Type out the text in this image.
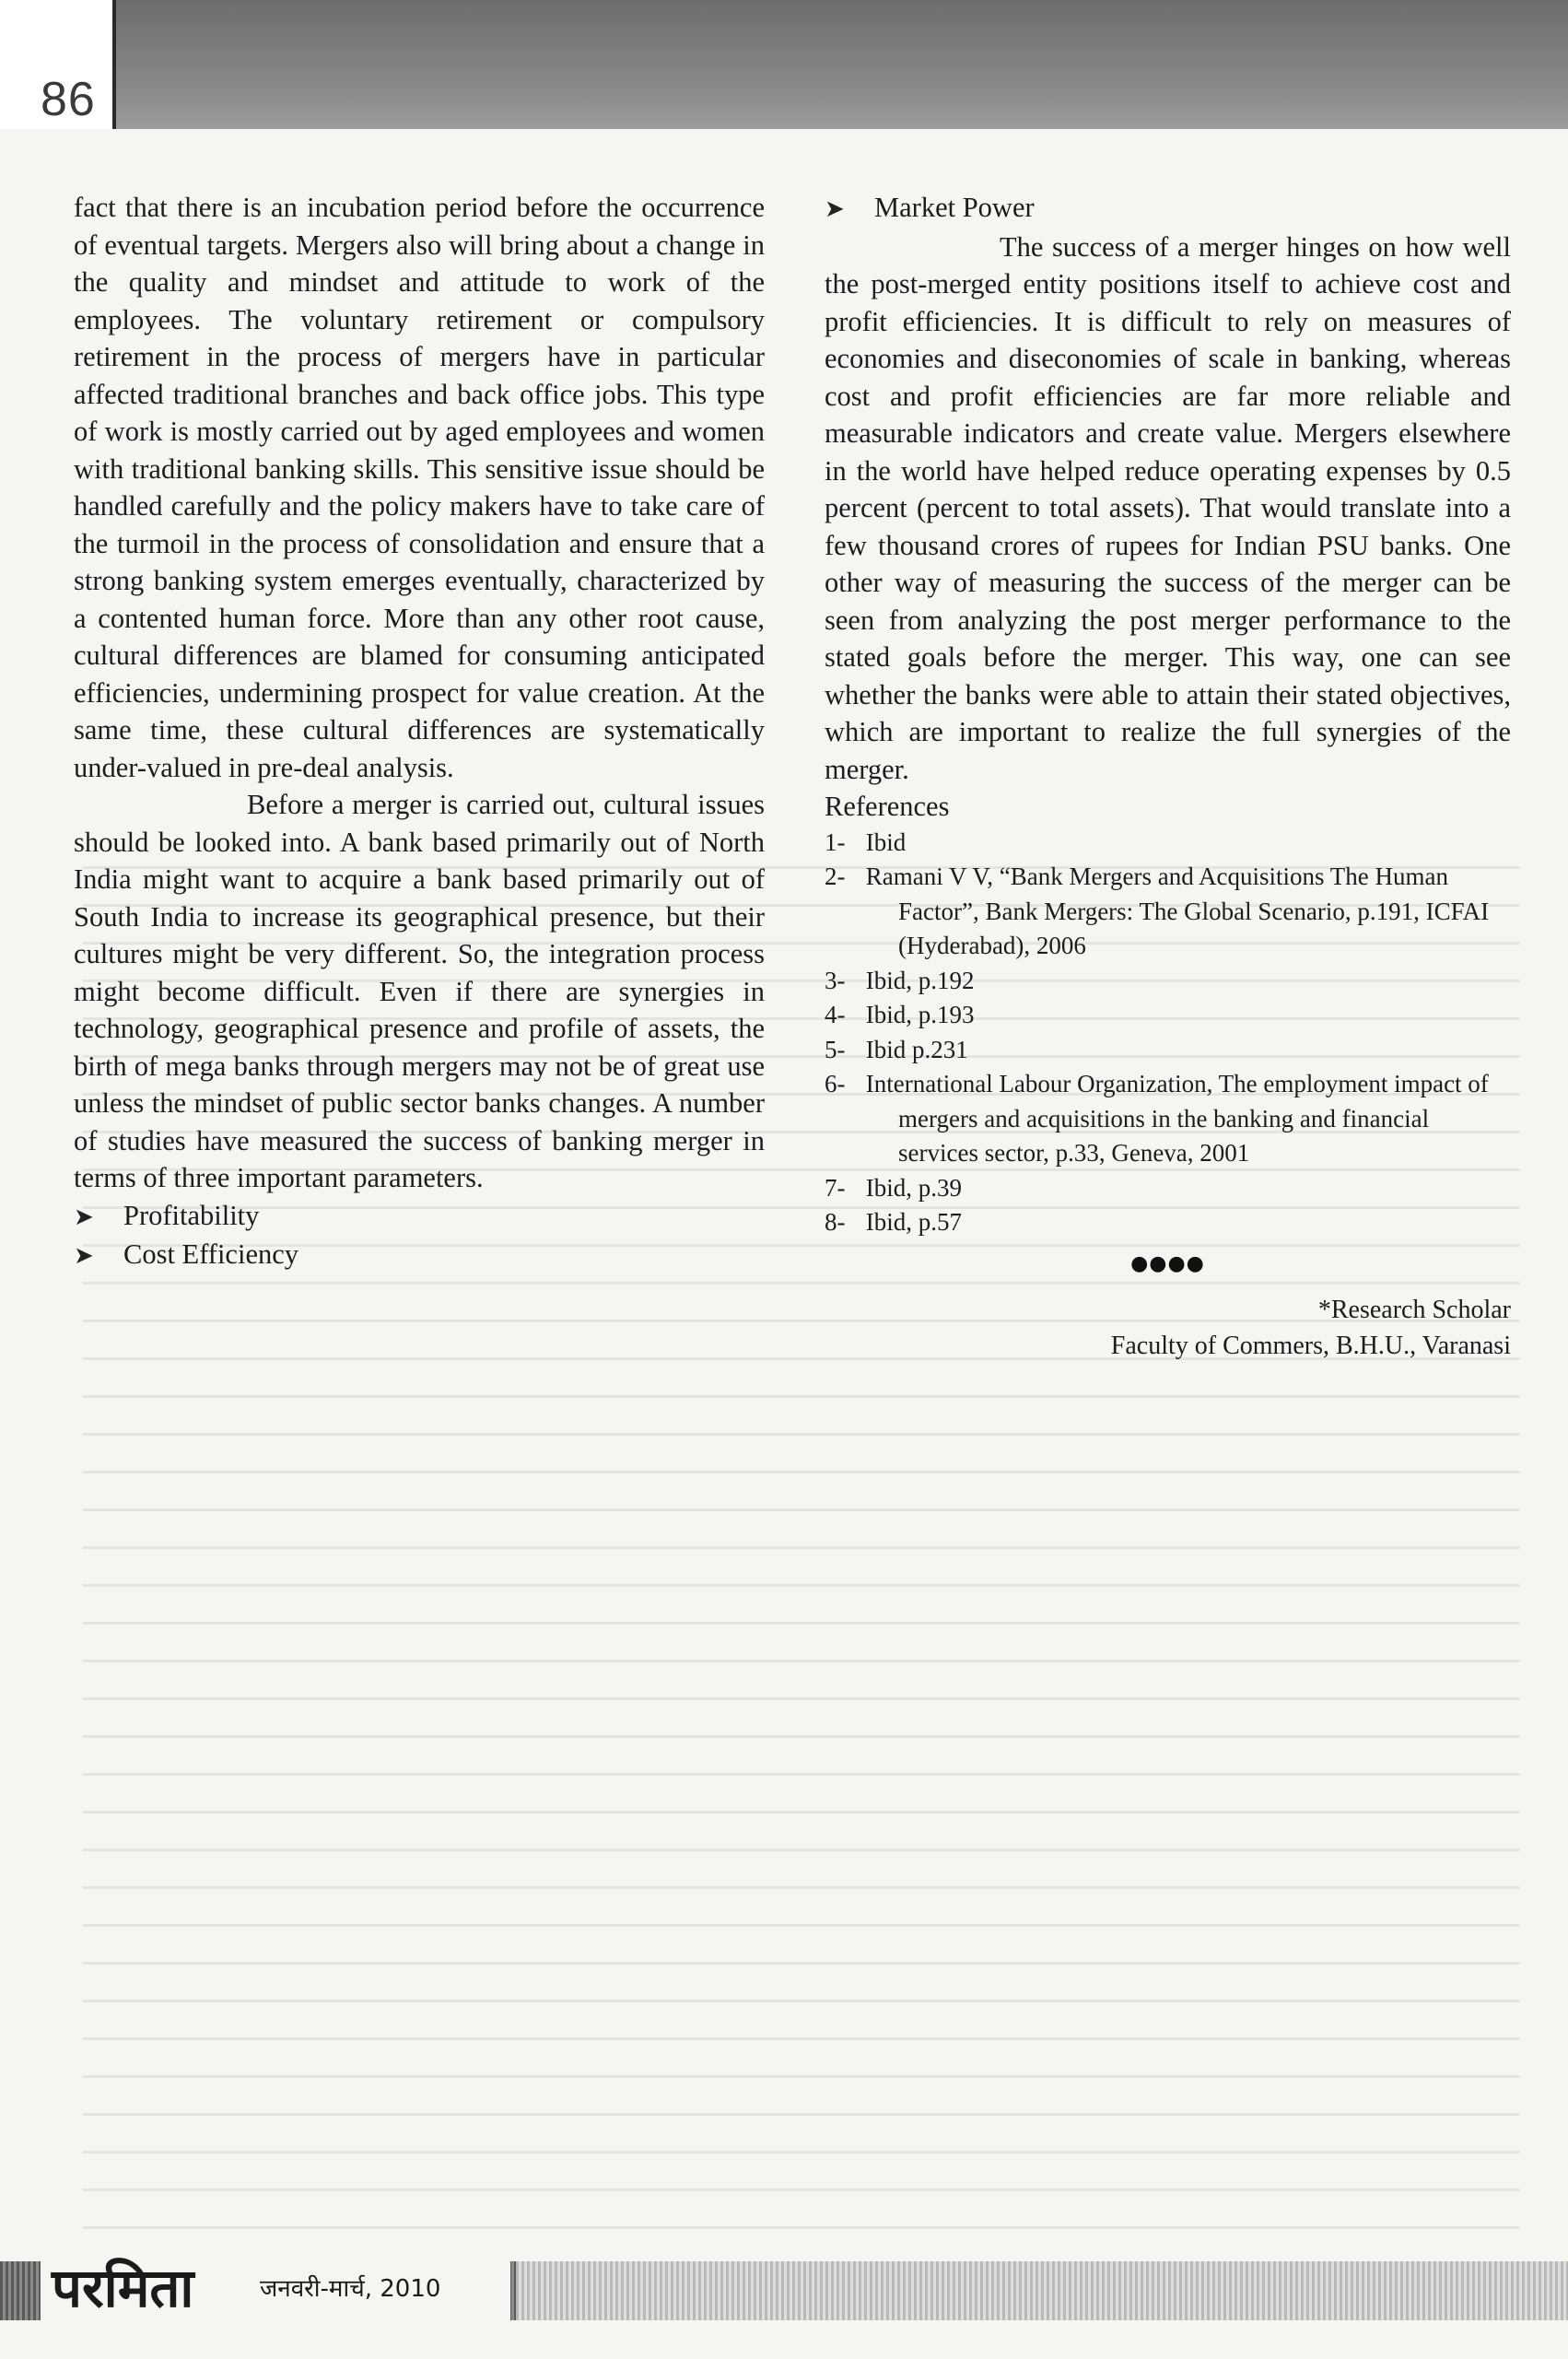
86

fact that there is an incubation period before the occurrence of eventual targets. Mergers also will bring about a change in the quality and mindset and attitude to work of the employees. The voluntary retirement or compulsory retirement in the process of mergers have in particular affected traditional branches and back office jobs. This type of work is mostly carried out by aged employees and women with traditional banking skills. This sensitive issue should be handled carefully and the policy makers have to take care of the turmoil in the process of consolidation and ensure that a strong banking system emerges eventually, characterized by a contented human force. More than any other root cause, cultural differences are blamed for consuming anticipated efficiencies, undermining prospect for value creation. At the same time, these cultural differences are systematically under-valued in pre-deal analysis.

Before a merger is carried out, cultural issues should be looked into. A bank based primarily out of North India might want to acquire a bank based primarily out of South India to increase its geographical presence, but their cultures might be very different. So, the integration process might become difficult. Even if there are synergies in technology, geographical presence and profile of assets, the birth of mega banks through mergers may not be of great use unless the mindset of public sector banks changes. A number of studies have measured the success of banking merger in terms of three important parameters.

➤	Profitability
➤	Cost Efficiency
➤	Market Power

The success of a merger hinges on how well the post-merged entity positions itself to achieve cost and profit efficiencies. It is difficult to rely on measures of economies and diseconomies of scale in banking, whereas cost and profit efficiencies are far more reliable and measurable indicators and create value. Mergers elsewhere in the world have helped reduce operating expenses by 0.5 percent (percent to total assets). That would translate into a few thousand crores of rupees for Indian PSU banks. One other way of measuring the success of the merger can be seen from analyzing the post merger performance to the stated goals before the merger. This way, one can see whether the banks were able to attain their stated objectives, which are important to realize the full synergies of the merger.

References
1- Ibid
2- Ramani V V, “Bank Mergers and Acquisitions The Human Factor”, Bank Mergers: The Global Scenario, p.191, ICFAI (Hyderabad), 2006
3- Ibid, p.192
4- Ibid, p.193
5- Ibid p.231
6- International Labour Organization, The employment impact of mergers and acquisitions in the banking and financial services sector, p.33, Geneva, 2001
7- Ibid, p.39
8- Ibid, p.57
●●●●
*Research Scholar
Faculty of Commers, B.H.U., Varanasi
परमिता	जनवरी-मार्च, 2010
